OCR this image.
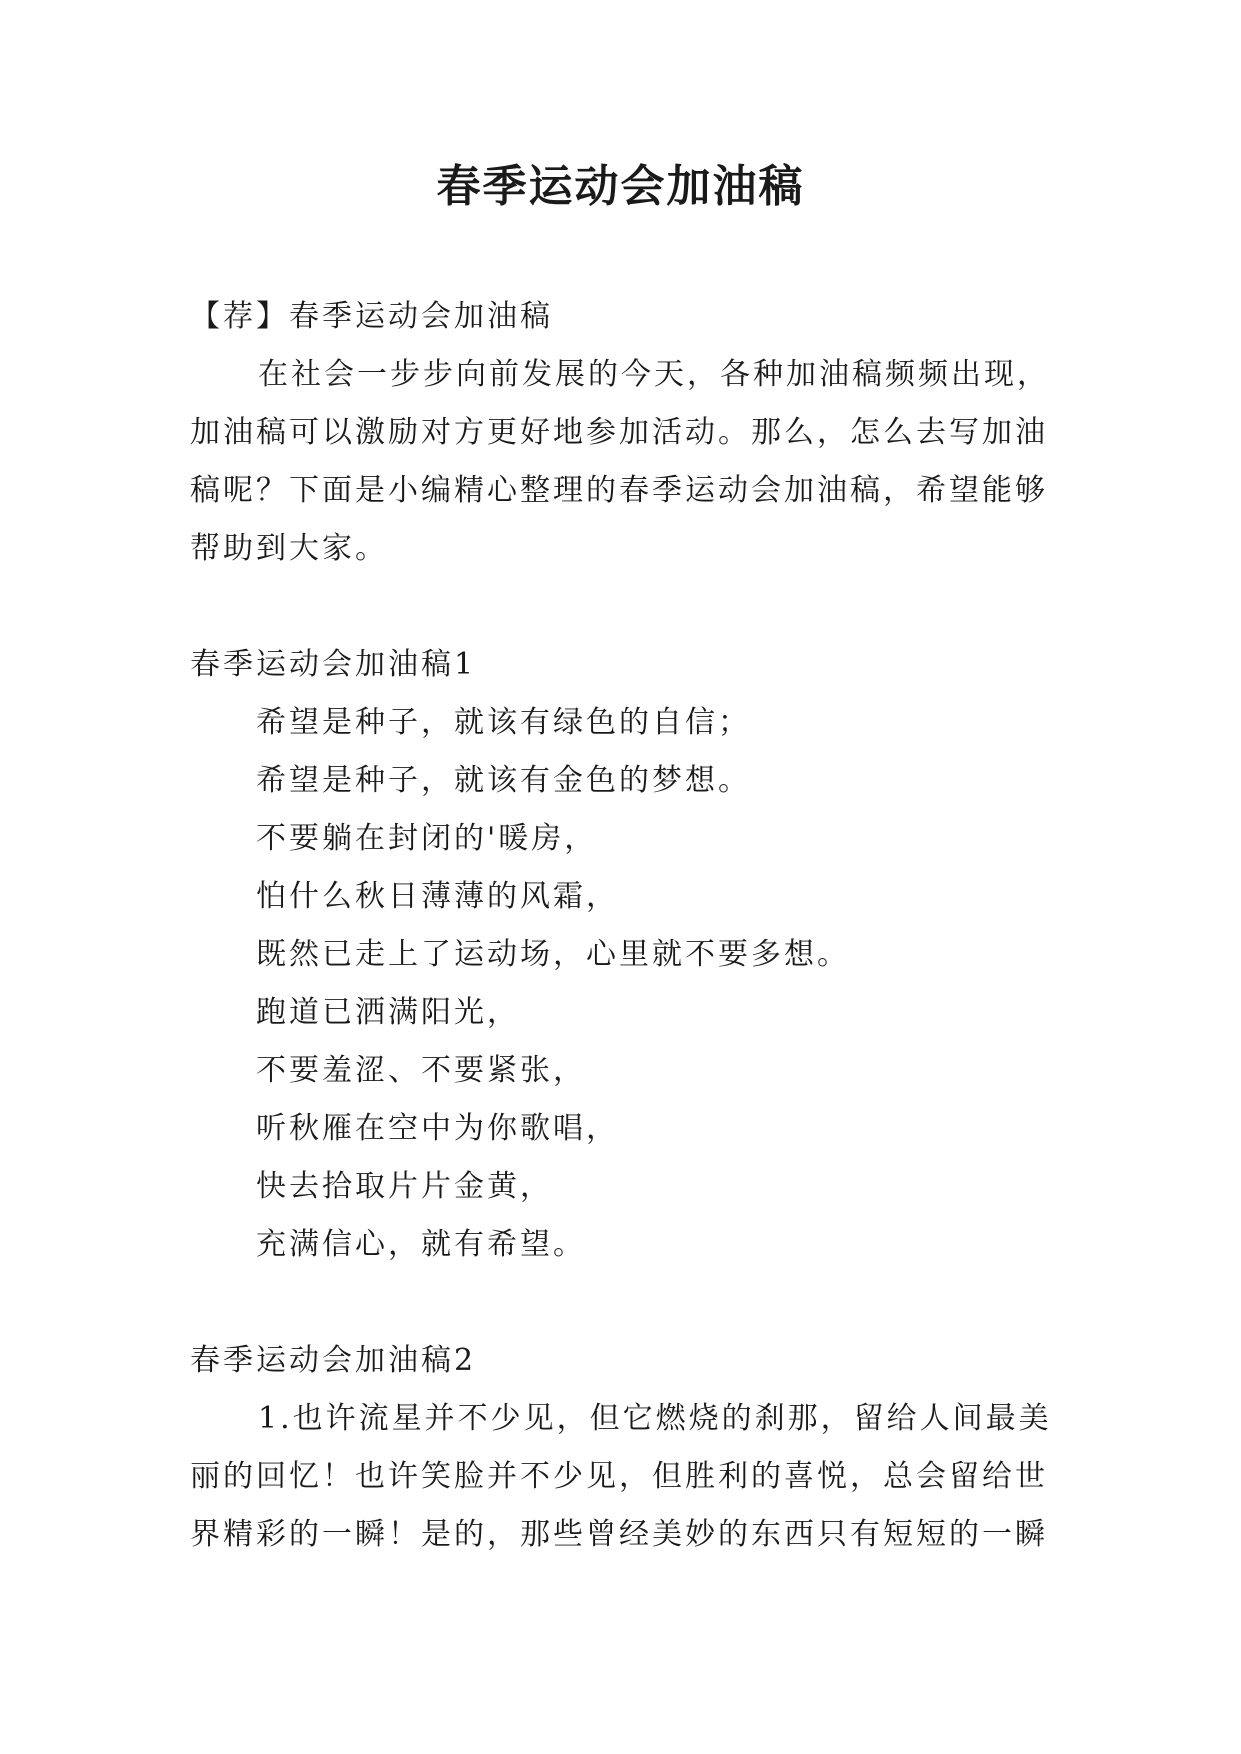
春季运动会加油稿

【荐】春季运动会加油稿

在社会一步步向前发展的今天，各种加油稿频频出现，加油稿可以激励对方更好地参加活动。那么，怎么去写加油稿呢？下面是小编精心整理的春季运动会加油稿，希望能够帮助到大家。

春季运动会加油稿1

希望是种子，就该有绿色的自信；

希望是种子，就该有金色的梦想。

不要躺在封闭的'暖房，

怕什么秋日薄薄的风霜，

既然已走上了运动场，心里就不要多想。

跑道已洒满阳光，

不要羞涩、不要紧张，

听秋雁在空中为你歌唱，

快去拾取片片金黄，

充满信心，就有希望。

春季运动会加油稿2

1.也许流星并不少见，但它燃烧的刹那，留给人间最美丽的回忆！也许笑脸并不少见，但胜利的喜悦，总会留给世界精彩的一瞬！是的，那些曾经美妙的东西只有短短的一瞬
